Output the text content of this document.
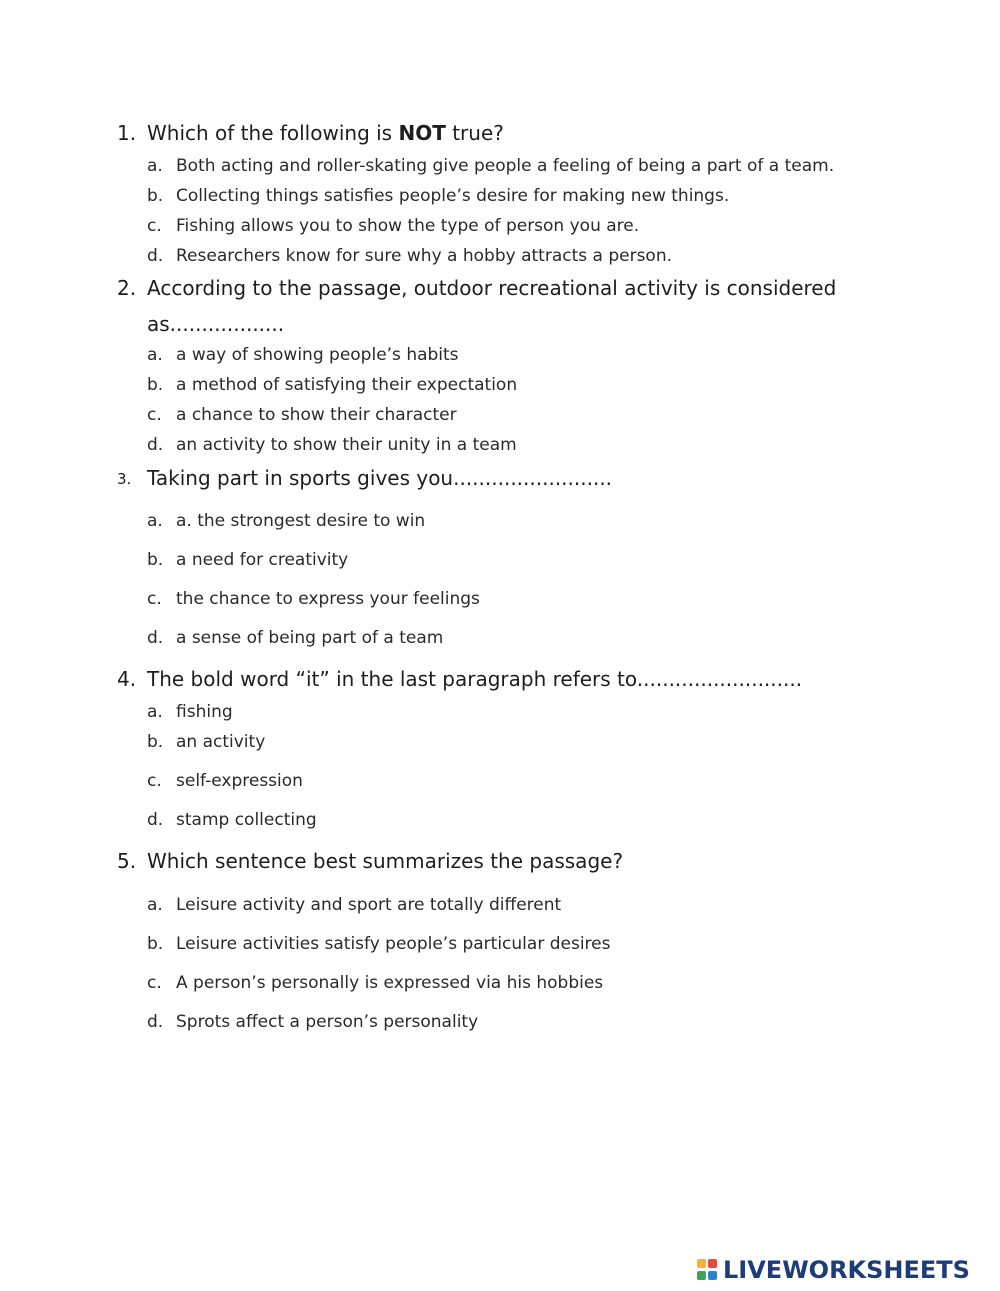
1. Which of the following is NOT true?
a. Both acting and roller-skating give people a feeling of being a part of a team.
b. Collecting things satisfies people’s desire for making new things.
c. Fishing allows you to show the type of person you are.
d. Researchers know for sure why a hobby attracts a person.
2. According to the passage, outdoor recreational activity is considered
as..................
a. a way of showing people’s habits
b. a method of satisfying their expectation
c. a chance to show their character
d. an activity to show their unity in a team
3. Taking part in sports gives you.........................
a. a. the strongest desire to win
b. a need for creativity
c. the chance to express your feelings
d. a sense of being part of a team
4. The bold word “it” in the last paragraph refers to..........................
a. fishing
b. an activity
c. self-expression
d. stamp collecting
5. Which sentence best summarizes the passage?
a. Leisure activity and sport are totally different
b. Leisure activities satisfy people’s particular desires
c. A person’s personally is expressed via his hobbies
d. Sprots affect a person’s personality
LIVEWORKSHEETS
